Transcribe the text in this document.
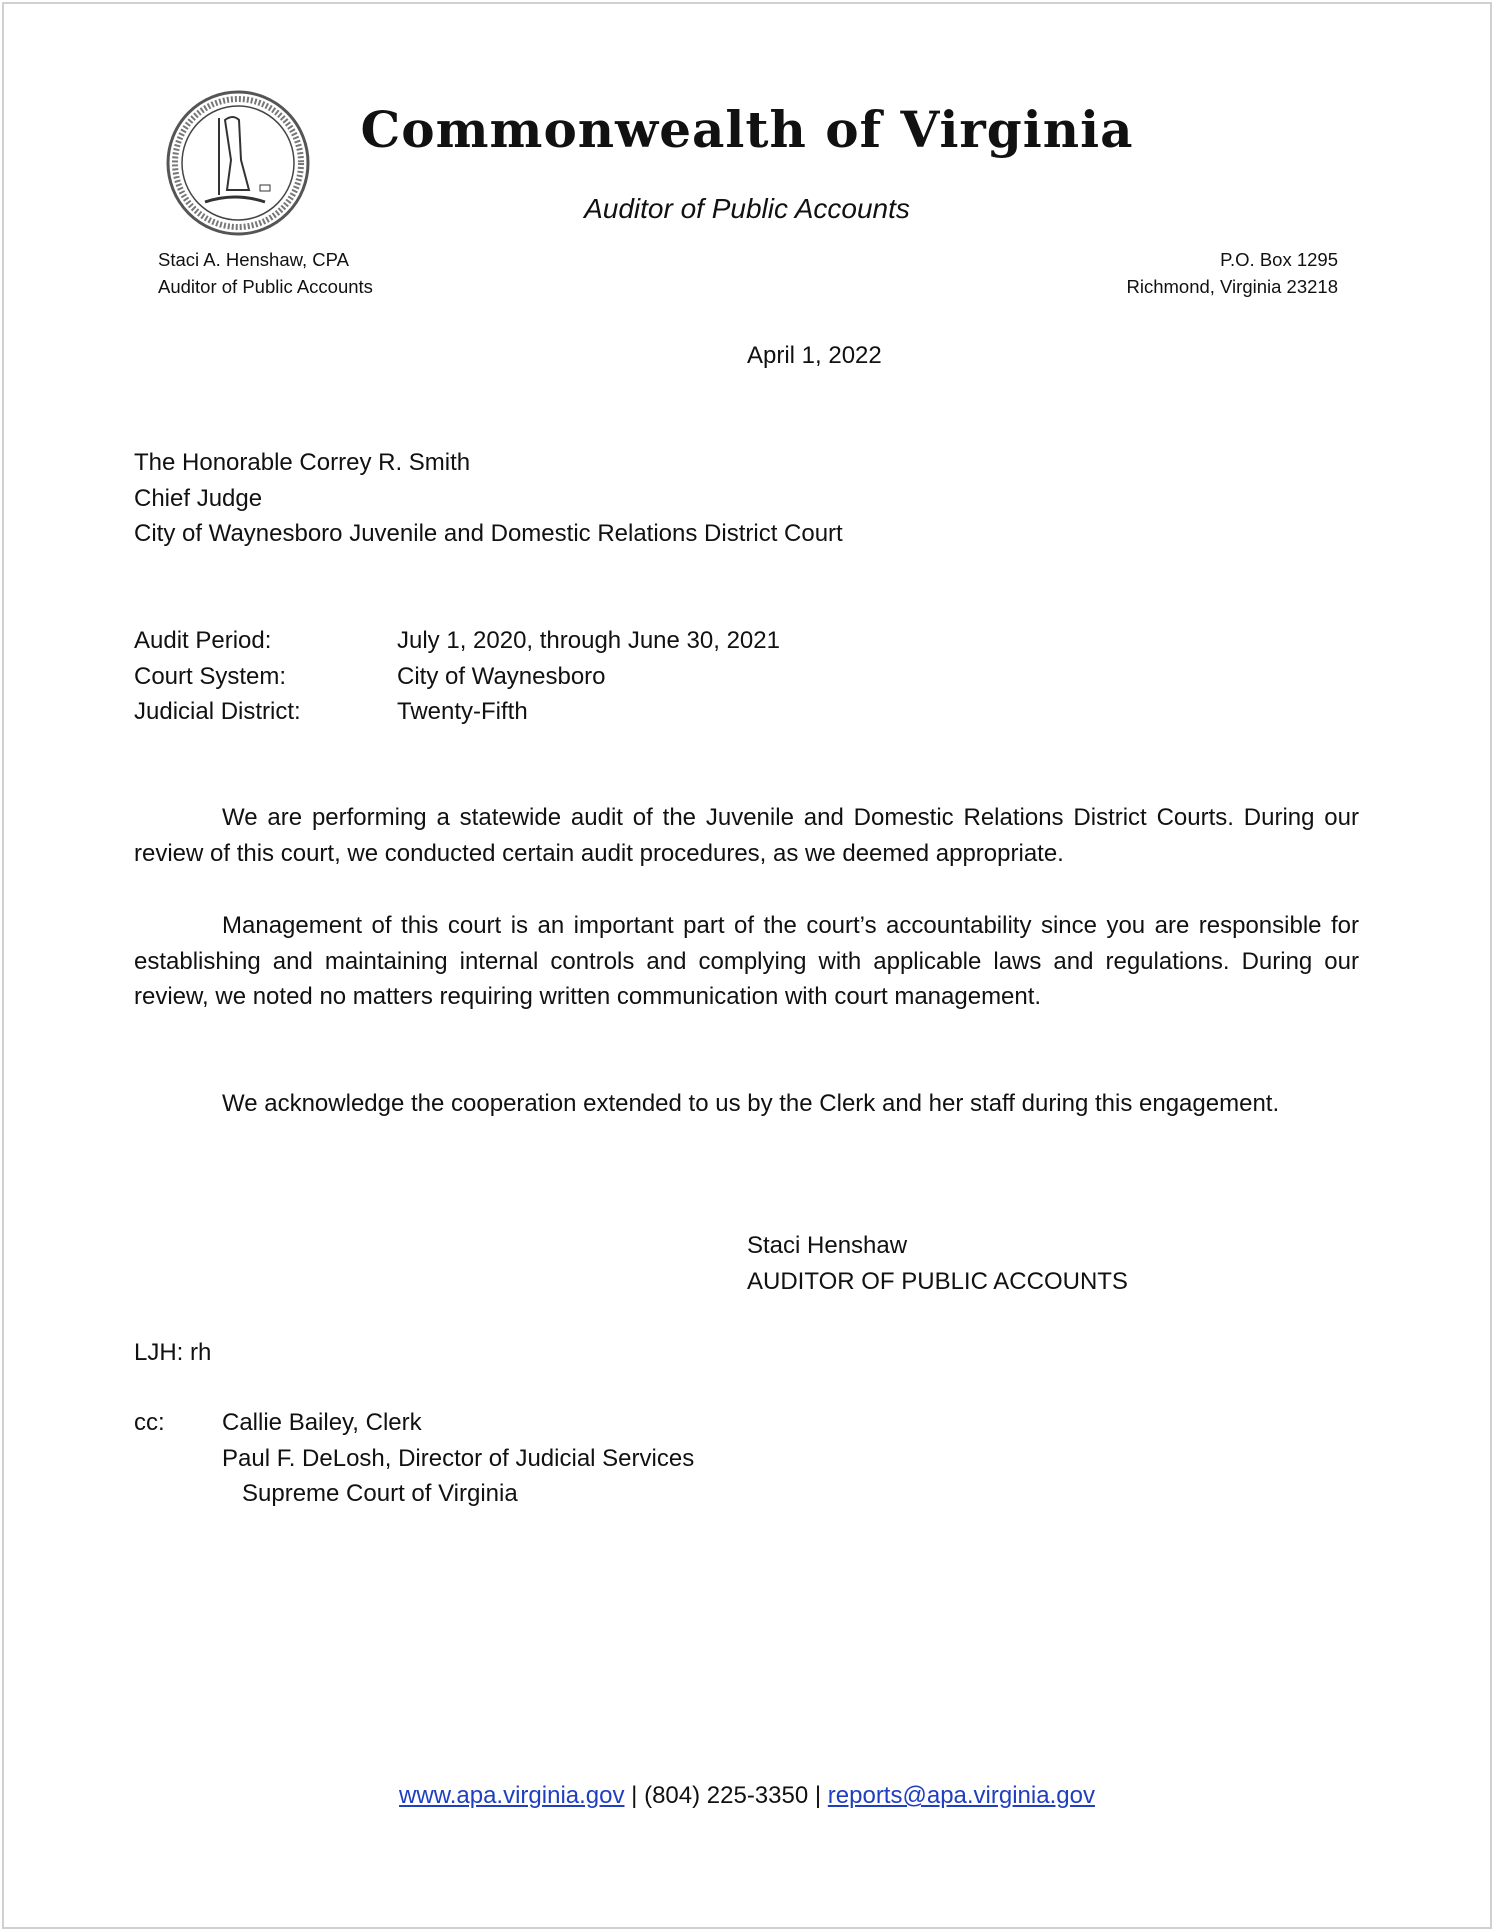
Commonwealth of Virginia
Auditor of Public Accounts
Staci A. Henshaw, CPA
Auditor of Public Accounts
P.O. Box 1295
Richmond, Virginia 23218
April 1, 2022
The Honorable Correy R. Smith
Chief Judge
City of Waynesboro Juvenile and Domestic Relations District Court
Audit Period:	July 1, 2020, through June 30, 2021
Court System:	City of Waynesboro
Judicial District:	Twenty-Fifth
We are performing a statewide audit of the Juvenile and Domestic Relations District Courts. During our review of this court, we conducted certain audit procedures, as we deemed appropriate.
Management of this court is an important part of the court’s accountability since you are responsible for establishing and maintaining internal controls and complying with applicable laws and regulations. During our review, we noted no matters requiring written communication with court management.
We acknowledge the cooperation extended to us by the Clerk and her staff during this engagement.
Staci Henshaw
AUDITOR OF PUBLIC ACCOUNTS
LJH: rh
cc: Callie Bailey, Clerk
Paul F. DeLosh, Director of Judicial Services
Supreme Court of Virginia
www.apa.virginia.gov | (804) 225-3350 | reports@apa.virginia.gov
